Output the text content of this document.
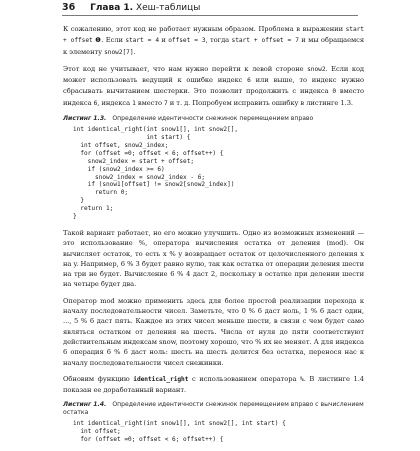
36 Глава 1. Хеш-таблицы

К сожалению, этот код не работает нужным образом. Проблема в выражении start + offset ❶. Если start = 4 и offset = 3, тогда start + offset = 7 и мы обращаемся к элементу snow2[7].

Этот код не учитывает, что нам нужно перейти к левой стороне snow2. Если код может использовать ведущий к ошибке индекс 6 или выше, то индекс нужно сбрасывать вычитанием шестерки. Это позволит продолжить с индекса 0 вместо индекса 6, индекса 1 вместо 7 и т. д. Попробуем исправить ошибку в листинге 1.3.

Листинг 1.3. Определение идентичности снежинок перемещением вправо
int identical_right(int snow1[], int snow2[],
int start) {
int offset, snow2_index;
for (offset =0; offset < 6; offset++) {
snow2_index = start + offset;
if (snow2_index >= 6)
snow2_index = snow2_index - 6;
if (snow1[offset] != snow2[snow2_index])
return 0;
}
return 1;
}

Такой вариант работает, но его можно улучшить. Одно из возможных изменений — это использование %, оператора вычисления остатка от деления (mod). Он вычисляет остаток, то есть x % y возвращает остаток от целочисленного деления x на y. Например, 6 % 3 будет равно нулю, так как остатка от операции деления шести на три не будет. Вычисление 6 % 4 даст 2, поскольку в остатке при делении шести на четыре будет два.

Оператор mod можно применить здесь для более простой реализации перехода к началу последовательности чисел. Заметьте, что 0 % 6 даст ноль, 1 % 6 даст один, ..., 5 % 6 даст пять. Каждое из этих чисел меньше шести, в связи с чем будет само являться остатком от деления на шесть. Числа от нуля до пяти соответствуют действительным индексам snow, поэтому хорошо, что % их не меняет. А для индекса 6 операция 6 % 6 даст ноль: шесть на шесть делится без остатка, перенося нас к началу последовательности чисел снежинки.

Обновим функцию identical_right с использованием оператора %. В листинге 1.4 показан ее доработанный вариант.

Листинг 1.4. Определение идентичности снежинок перемещением вправо с вычислением остатка
int identical_right(int snow1[], int snow2[], int start) {
int offset;
for (offset =0; offset < 6; offset++) {
